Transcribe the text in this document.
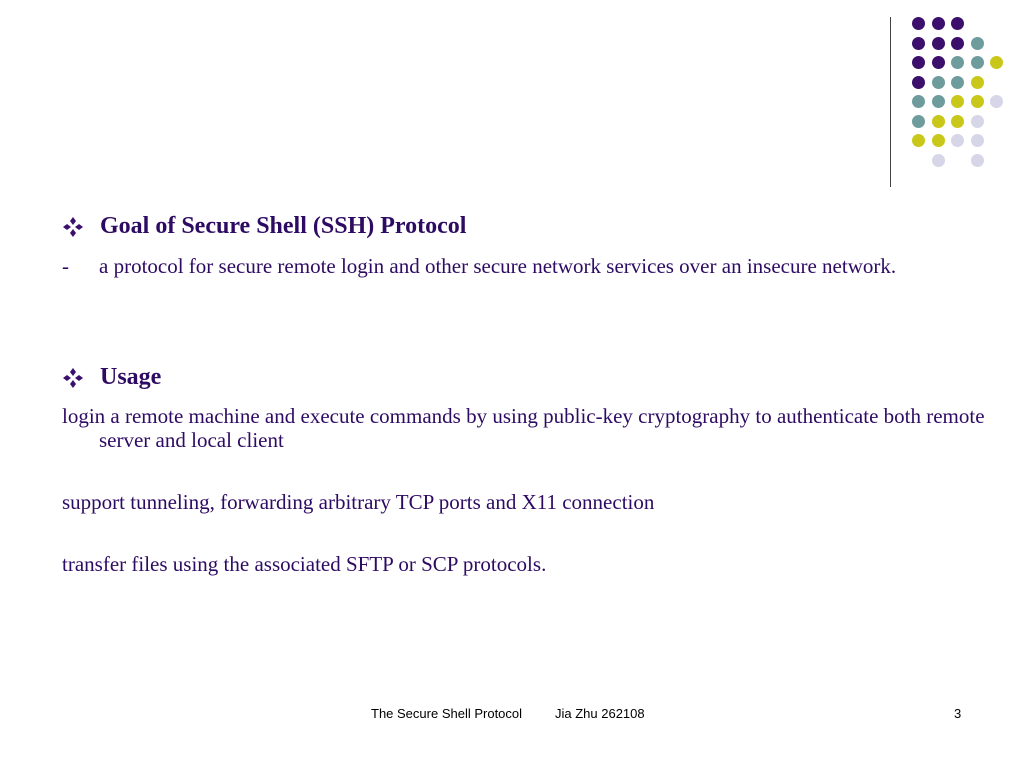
Goal of Secure Shell (SSH) Protocol
- a protocol for secure remote login and other secure network services over an insecure network.
Usage
login a remote machine and execute commands by using public-key cryptography to authenticate both remote server and local client
support tunneling, forwarding arbitrary TCP ports and X11 connection
transfer files using the associated SFTP or SCP protocols.
The Secure Shell Protocol	Jia Zhu 262108	3
